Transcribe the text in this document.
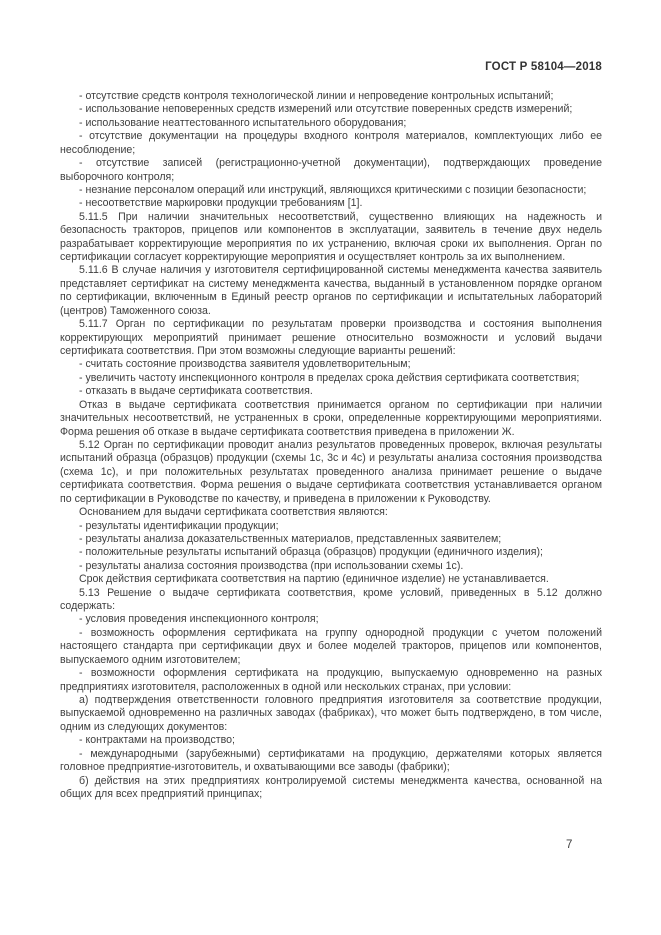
ГОСТ Р 58104—2018

- отсутствие средств контроля технологической линии и непроведение контрольных испытаний;

- использование неповеренных средств измерений или отсутствие поверенных средств измерений;

- использование неаттестованного испытательного оборудования;

- отсутствие документации на процедуры входного контроля материалов, комплектующих либо ее несоблюдение;

- отсутствие записей (регистрационно-учетной документации), подтверждающих проведение выборочного контроля;

- незнание персоналом операций или инструкций, являющихся критическими с позиции безопасности;

- несоответствие маркировки продукции требованиям [1].

5.11.5 При наличии значительных несоответствий, существенно влияющих на надежность и безопасность тракторов, прицепов или компонентов в эксплуатации, заявитель в течение двух недель разрабатывает корректирующие мероприятия по их устранению, включая сроки их выполнения. Орган по сертификации согласует корректирующие мероприятия и осуществляет контроль за их выполнением.

5.11.6 В случае наличия у изготовителя сертифицированной системы менеджмента качества заявитель представляет сертификат на систему менеджмента качества, выданный в установленном порядке органом по сертификации, включенным в Единый реестр органов по сертификации и испытательных лабораторий (центров) Таможенного союза.

5.11.7 Орган по сертификации по результатам проверки производства и состояния выполнения корректирующих мероприятий принимает решение относительно возможности и условий выдачи сертификата соответствия. При этом возможны следующие варианты решений:

- считать состояние производства заявителя удовлетворительным;

- увеличить частоту инспекционного контроля в пределах срока действия сертификата соответствия;

- отказать в выдаче сертификата соответствия.

Отказ в выдаче сертификата соответствия принимается органом по сертификации при наличии значительных несоответствий, не устраненных в сроки, определенные корректирующими мероприятиями. Форма решения об отказе в выдаче сертификата соответствия приведена в приложении Ж.

5.12 Орган по сертификации проводит анализ результатов проведенных проверок, включая результаты испытаний образца (образцов) продукции (схемы 1с, 3с и 4с) и результаты анализа состояния производства (схема 1с), и при положительных результатах проведенного анализа принимает решение о выдаче сертификата соответствия. Форма решения о выдаче сертификата соответствия устанавливается органом по сертификации в Руководстве по качеству, и приведена в приложении к Руководству.

Основанием для выдачи сертификата соответствия являются:

- результаты идентификации продукции;

- результаты анализа доказательственных материалов, представленных заявителем;

- положительные результаты испытаний образца (образцов) продукции (единичного изделия);

- результаты анализа состояния производства (при использовании схемы 1с).

Срок действия сертификата соответствия на партию (единичное изделие) не устанавливается.

5.13 Решение о выдаче сертификата соответствия, кроме условий, приведенных в 5.12 должно содержать:

- условия проведения инспекционного контроля;

- возможность оформления сертификата на группу однородной продукции с учетом положений настоящего стандарта при сертификации двух и более моделей тракторов, прицепов или компонентов, выпускаемого одним изготовителем;

- возможности оформления сертификата на продукцию, выпускаемую одновременно на разных предприятиях изготовителя, расположенных в одной или нескольких странах, при условии:

а) подтверждения ответственности головного предприятия изготовителя за соответствие продукции, выпускаемой одновременно на различных заводах (фабриках), что может быть подтверждено, в том числе, одним из следующих документов:

- контрактами на производство;

- международными (зарубежными) сертификатами на продукцию, держателями которых является головное предприятие-изготовитель, и охватывающими все заводы (фабрики);

б) действия на этих предприятиях контролируемой системы менеджмента качества, основанной на общих для всех предприятий принципах;

7
